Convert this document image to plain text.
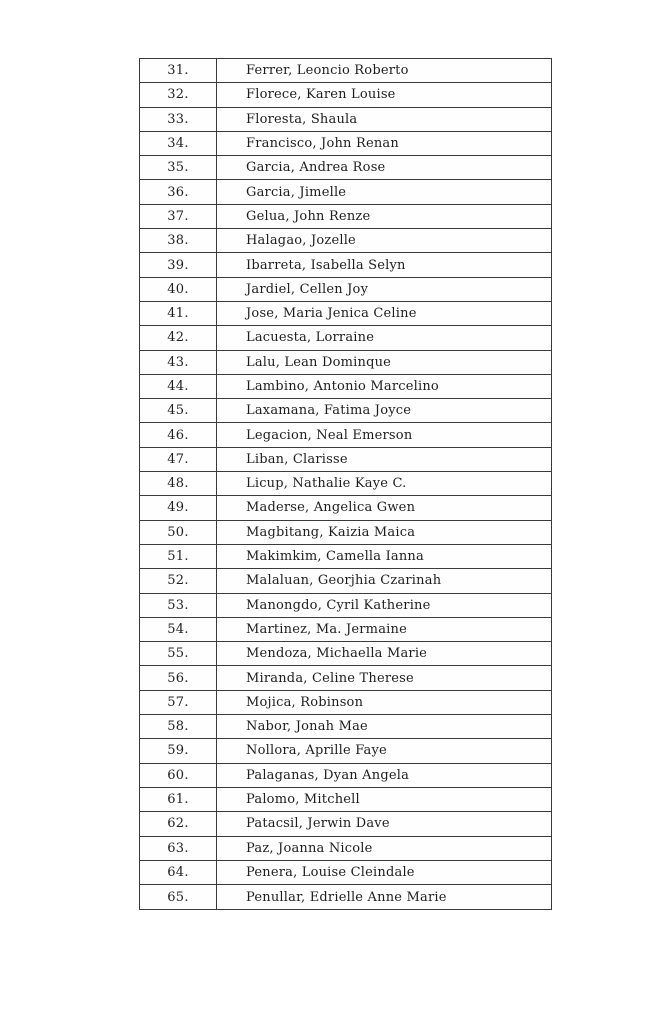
31.	Ferrer, Leoncio Roberto
32.	Florece, Karen Louise
33.	Floresta, Shaula
34.	Francisco, John Renan
35.	Garcia, Andrea Rose
36.	Garcia, Jimelle
37.	Gelua, John Renze
38.	Halagao, Jozelle
39.	Ibarreta, Isabella Selyn
40.	Jardiel, Cellen Joy
41.	Jose, Maria Jenica Celine
42.	Lacuesta, Lorraine
43.	Lalu, Lean Dominque
44.	Lambino, Antonio Marcelino
45.	Laxamana, Fatima Joyce
46.	Legacion, Neal Emerson
47.	Liban, Clarisse
48.	Licup, Nathalie Kaye C.
49.	Maderse, Angelica Gwen
50.	Magbitang, Kaizia Maica
51.	Makimkim, Camella Ianna
52.	Malaluan, Georjhia Czarinah
53.	Manongdo, Cyril Katherine
54.	Martinez, Ma. Jermaine
55.	Mendoza, Michaella Marie
56.	Miranda, Celine Therese
57.	Mojica, Robinson
58.	Nabor, Jonah Mae
59.	Nollora, Aprille Faye
60.	Palaganas, Dyan Angela
61.	Palomo, Mitchell
62.	Patacsil, Jerwin Dave
63.	Paz, Joanna Nicole
64.	Penera, Louise Cleindale
65.	Penullar, Edrielle Anne Marie
